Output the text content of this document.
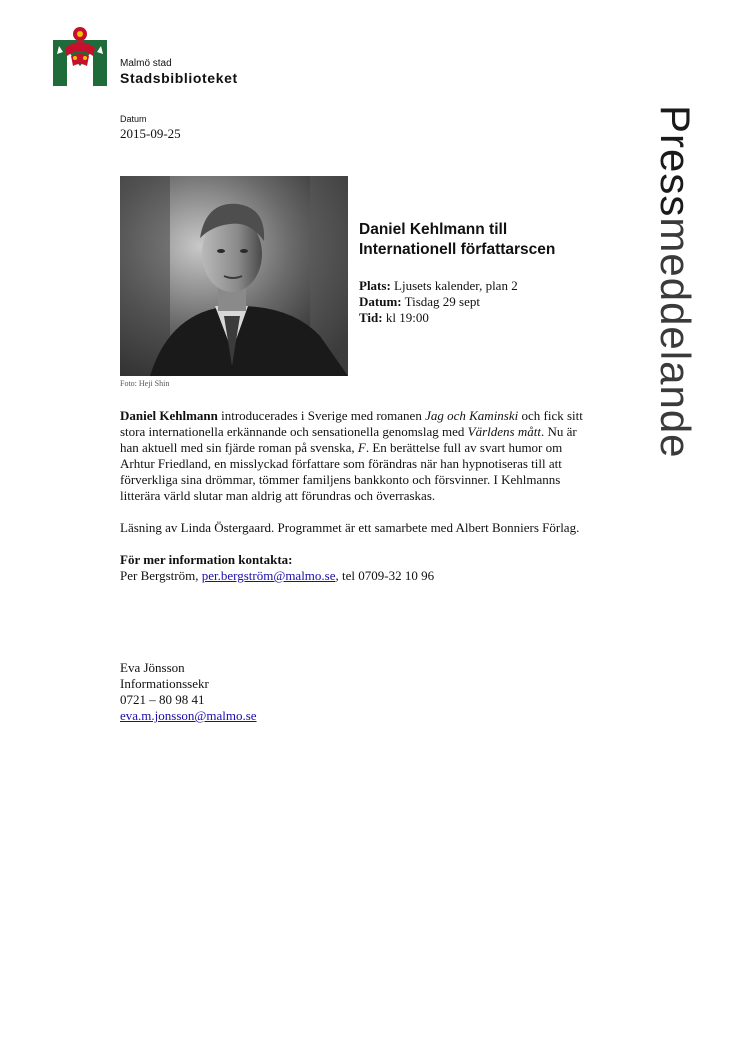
Malmö stad
Stadsbiblioteket
Pressmeddelande
Datum
2015-09-25
Foto: Heji Shin
Daniel Kehlmann till
Internationell författarscen
Plats: Ljusets kalender, plan 2
Datum: Tisdag 29 sept
Tid: kl 19:00

Daniel Kehlmann introducerades i Sverige med romanen Jag och Kaminski och fick sitt stora internationella erkännande och sensationella genomslag med Världens mått. Nu är han aktuell med sin fjärde roman på svenska, F. En berättelse full av svart humor om Arhtur Friedland, en misslyckad författare som förändras när han hypnotiseras till att förverkliga sina drömmar, tömmer familjens bankkonto och försvinner. I Kehlmanns litterära värld slutar man aldrig att förundras och överraskas.

Läsning av Linda Östergaard. Programmet är ett samarbete med Albert Bonniers Förlag.

För mer information kontakta:

Per Bergström, per.bergström@malmo.se, tel 0709-32 10 96

Eva Jönsson
Informationssekr
0721 – 80 98 41
eva.m.jonsson@malmo.se
